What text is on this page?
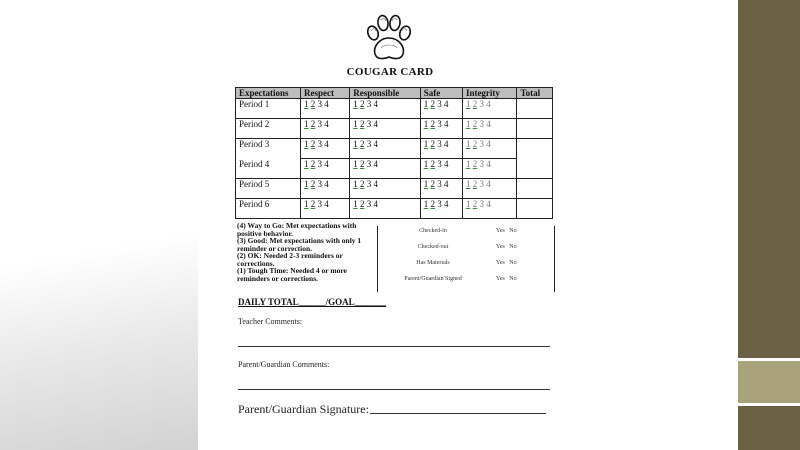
COUGAR CARD
Expectations	Respect	Responsible	Safe	Integrity	Total
Period 1	1 2 3 4	1 2 3 4	1 2 3 4	1 2 3 4	
Period 2	1 2 3 4	1 2 3 4	1 2 3 4	1 2 3 4	
Period 3	1 2 3 4	1 2 3 4	1 2 3 4	1 2 3 4	
Period 4	1 2 3 4	1 2 3 4	1 2 3 4	1 2 3 4	
Period 5	1 2 3 4	1 2 3 4	1 2 3 4	1 2 3 4	
Period 6	1 2 3 4	1 2 3 4	1 2 3 4	1 2 3 4	

(4) Way to Go: Met expectations with positive behavior.

(3) Good: Met expectations with only 1 reminder or correction.

(2) OK: Needed 2-3 reminders or corrections.

(1) Tough Time: Needed 4 or more reminders or corrections.

Checked-in	Yes No
Checked-out	Yes No
Has Materials	Yes No
Parent/Guardian Signed	Yes No
DAILY TOTAL______/GOAL_______
Teacher Comments:
Parent/Guardian Comments:
Parent/Guardian Signature:
